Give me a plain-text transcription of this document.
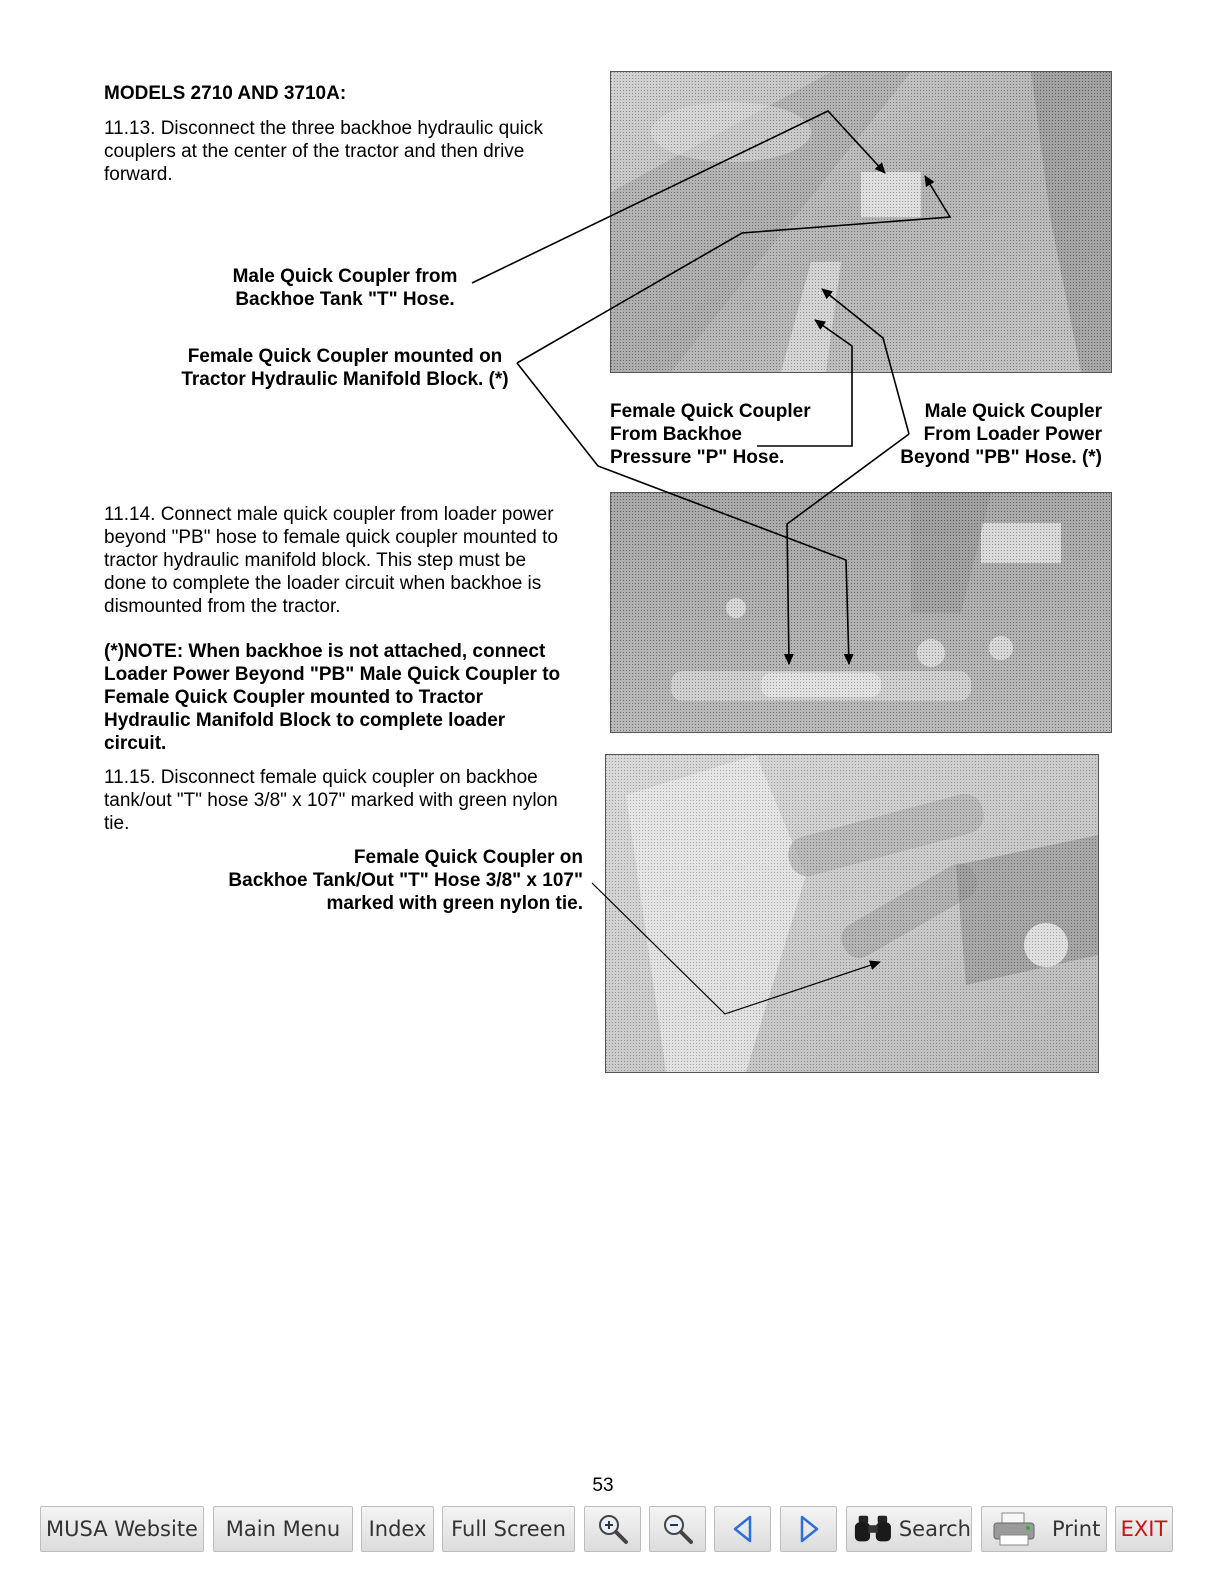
MODELS 2710 AND 3710A:
11.13. Disconnect the three backhoe hydraulic quick
couplers at the center of the tractor and then drive
forward.
Male Quick Coupler from
Backhoe Tank "T" Hose.
Female Quick Coupler mounted on
Tractor Hydraulic Manifold Block. (*)
Female Quick Coupler
From Backhoe
Pressure "P" Hose.
Male Quick Coupler
From Loader Power
Beyond "PB" Hose. (*)
11.14. Connect male quick coupler from loader power
beyond "PB" hose to female quick coupler mounted to
tractor hydraulic manifold block. This step must be
done to complete the loader circuit when backhoe is
dismounted from the tractor.
(*)NOTE: When backhoe is not attached, connect
Loader Power Beyond "PB" Male Quick Coupler to
Female Quick Coupler mounted to Tractor
Hydraulic Manifold Block to complete loader
circuit.
11.15. Disconnect female quick coupler on backhoe
tank/out "T" hose 3/8" x 107" marked with green nylon
tie.
Female Quick Coupler on
Backhoe Tank/Out "T" Hose 3/8" x 107"
marked with green nylon tie.
53
MUSA Website	Main Menu	Index	Full Screen	Search	Print EXIT
